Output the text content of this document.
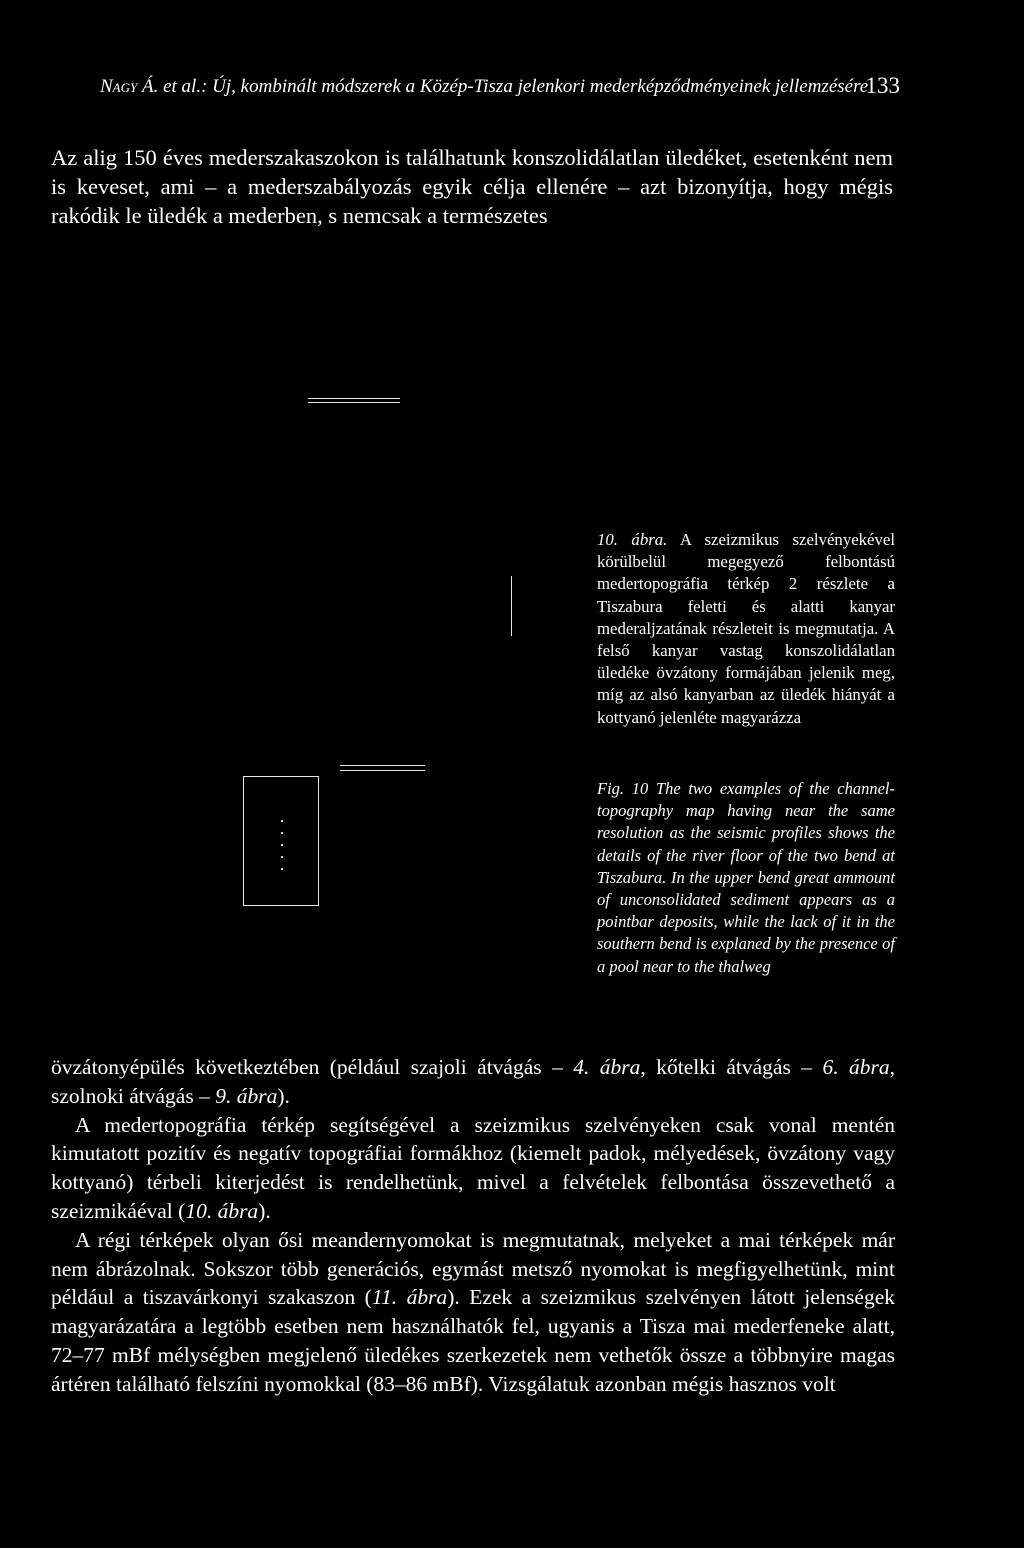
Nagy Á. et al.: Új, kombinált módszerek a Közép-Tisza jelenkori mederképződményeinek jellemzésére
133

Az alig 150 éves mederszakaszokon is találhatunk konszolidálatlan üledéket, esetenként nem is keveset, ami – a mederszabályozás egyik célja ellenére – azt bizonyítja, hogy mégis rakódik le üledék a mederben, s nemcsak a természetes

10. ábra. A szeizmikus szelvényekével körülbelül megegyező felbontású medertopográfia térkép 2 részlete a Tiszabura feletti és alatti kanyar mederaljzatának részleteit is megmutatja. A felső kanyar vastag konszolidálatlan üledéke övzátony formájában jelenik meg, míg az alsó kanyarban az üledék hiányát a kottyanó jelenléte magyarázza

Fig. 10 The two examples of the channel-topography map having near the same resolution as the seismic profiles shows the details of the river floor of the two bend at Tiszabura. In the upper bend great ammount of unconsolidated sediment appears as a pointbar deposits, while the lack of it in the southern bend is explaned by the presence of a pool near to the thalweg

övzátonyépülés következtében (például szajoli átvágás – 4. ábra, kőtelki átvágás – 6. ábra, szolnoki átvágás – 9. ábra).
A medertopográfia térkép segítségével a szeizmikus szelvényeken csak vonal mentén kimutatott pozitív és negatív topográfiai formákhoz (kiemelt padok, mélyedések, övzátony vagy kottyanó) térbeli kiterjedést is rendelhetünk, mivel a felvételek felbontása összevethető a szeizmikáéval (10. ábra).
A régi térképek olyan ősi meandernyomokat is megmutatnak, melyeket a mai térképek már nem ábrázolnak. Sokszor több generációs, egymást metsző nyomokat is megfigyelhetünk, mint például a tiszavárkonyi szakaszon (11. ábra). Ezek a szeizmikus szelvényen látott jelenségek magyarázatára a legtöbb esetben nem használhatók fel, ugyanis a Tisza mai mederfeneke alatt, 72–77 mBf mélységben megjelenő üledékes szerkezetek nem vethetők össze a többnyire magas ártéren található felszíni nyomokkal (83–86 mBf). Vizsgálatuk azonban mégis hasznos volt
